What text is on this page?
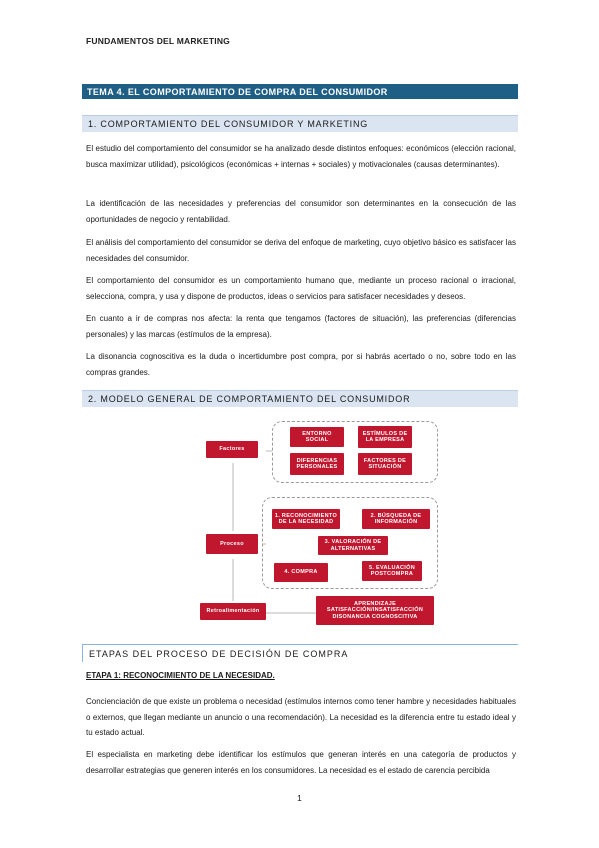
FUNDAMENTOS DEL MARKETING
TEMA 4. EL COMPORTAMIENTO DE COMPRA DEL CONSUMIDOR
1. COMPORTAMIENTO DEL CONSUMIDOR Y MARKETING

El estudio del comportamiento del consumidor se ha analizado desde distintos enfoques: económicos (elección racional, busca maximizar utilidad), psicológicos (económicas + internas + sociales) y motivacionales (causas determinantes).

La identificación de las necesidades y preferencias del consumidor son determinantes en la consecución de las oportunidades de negocio y rentabilidad.

El análisis del comportamiento del consumidor se deriva del enfoque de marketing, cuyo objetivo básico es satisfacer las necesidades del consumidor.

El comportamiento del consumidor es un comportamiento humano que, mediante un proceso racional o irracional, selecciona, compra, y usa y dispone de productos, ideas o servicios para satisfacer necesidades y deseos.

En cuanto a ir de compras nos afecta: la renta que tengamos (factores de situación), las preferencias (diferencias personales) y las marcas (estímulos de la empresa).

La disonancia cognoscitiva es la duda o incertidumbre post compra, por si habrás acertado o no, sobre todo en las compras grandes.

2. MODELO GENERAL DE COMPORTAMIENTO DEL CONSUMIDOR
Factores
Proceso
Retroalimentación
ENTORNO SOCIAL
ESTÍMULOS DE LA EMPRESA
DIFERENCIAS PERSONALES
FACTORES DE SITUACIÓN
1. RECONOCIMIENTO DE LA NECESIDAD
2. BÚSQUEDA DE INFORMACIÓN
3. VALORACIÓN DE ALTERNATIVAS
4. COMPRA
5. EVALUACIÓN POSTCOMPRA
APRENDIZAJE SATISFACCIÓN/INSATISFACCIÓN DISONANCIA COGNOSCITIVA
ETAPAS DEL PROCESO DE DECISIÓN DE COMPRA
ETAPA 1: RECONOCIMIENTO DE LA NECESIDAD.

Concienciación de que existe un problema o necesidad (estímulos internos como tener hambre y necesidades habituales o externos, que llegan mediante un anuncio o una recomendación). La necesidad es la diferencia entre tu estado ideal y tu estado actual.

El especialista en marketing debe identificar los estímulos que generan interés en una categoría de productos y desarrollar estrategias que generen interés en los consumidores. La necesidad es el estado de carencia percibida

1
